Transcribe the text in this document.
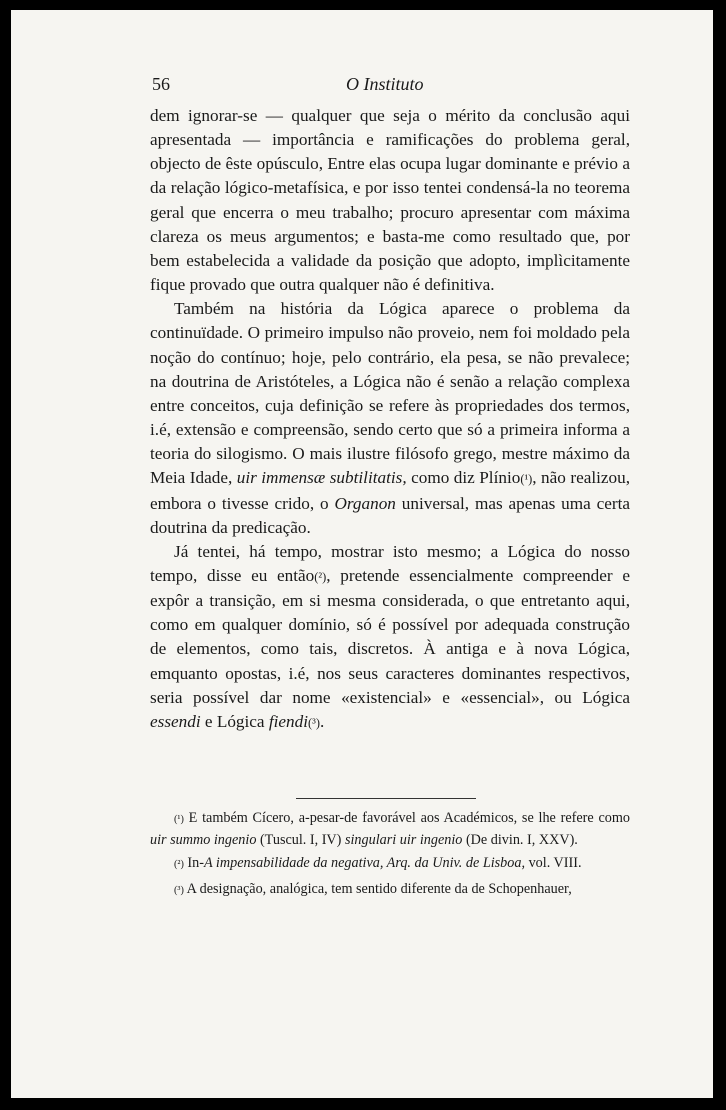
56	O Instituto

dem ignorar-se — qualquer que seja o mérito da conclusão aqui apresentada — importância e ramificações do problema geral, objecto de êste opúsculo, Entre elas ocupa lugar dominante e prévio a da relação lógico-metafísica, e por isso tentei condensá-la no teorema geral que encerra o meu trabalho; procuro apresentar com máxima clareza os meus argumentos; e basta-me como resultado que, por bem estabelecida a validade da posição que adopto, implìcitamente fique provado que outra qualquer não é definitiva.

Também na história da Lógica aparece o problema da continuïdade. O primeiro impulso não proveio, nem foi moldado pela noção do contínuo; hoje, pelo contrário, ela pesa, se não prevalece; na doutrina de Aristóteles, a Lógica não é senão a relação complexa entre conceitos, cuja definição se refere às propriedades dos termos, i.é, extensão e compreensão, sendo certo que só a primeira informa a teoria do silogismo. O mais ilustre filósofo grego, mestre máximo da Meia Idade, uir immensæ subtilitatis, como diz Plínio(¹), não realizou, embora o tivesse crido, o Organon universal, mas apenas uma certa doutrina da predicação.

Já tentei, há tempo, mostrar isto mesmo; a Lógica do nosso tempo, disse eu então(²), pretende essencialmente compreender e expôr a transição, em si mesma considerada, o que entretanto aqui, como em qualquer domínio, só é possível por adequada construção de elementos, como tais, discretos. À antiga e à nova Lógica, emquanto opostas, i.é, nos seus caracteres dominantes respectivos, seria possível dar nome «existencial» e «essencial», ou Lógica essendi e Lógica fiendi(³).

(¹) E também Cícero, a-pesar-de favorável aos Académicos, se lhe refere como uir summo ingenio (Tuscul. I, IV) singulari uir ingenio (De divin. I, XXV).

(²) In-A impensabilidade da negativa, Arq. da Univ. de Lisboa, vol. VIII.

(³) A designação, analógica, tem sentido diferente da de Schopenhauer,
